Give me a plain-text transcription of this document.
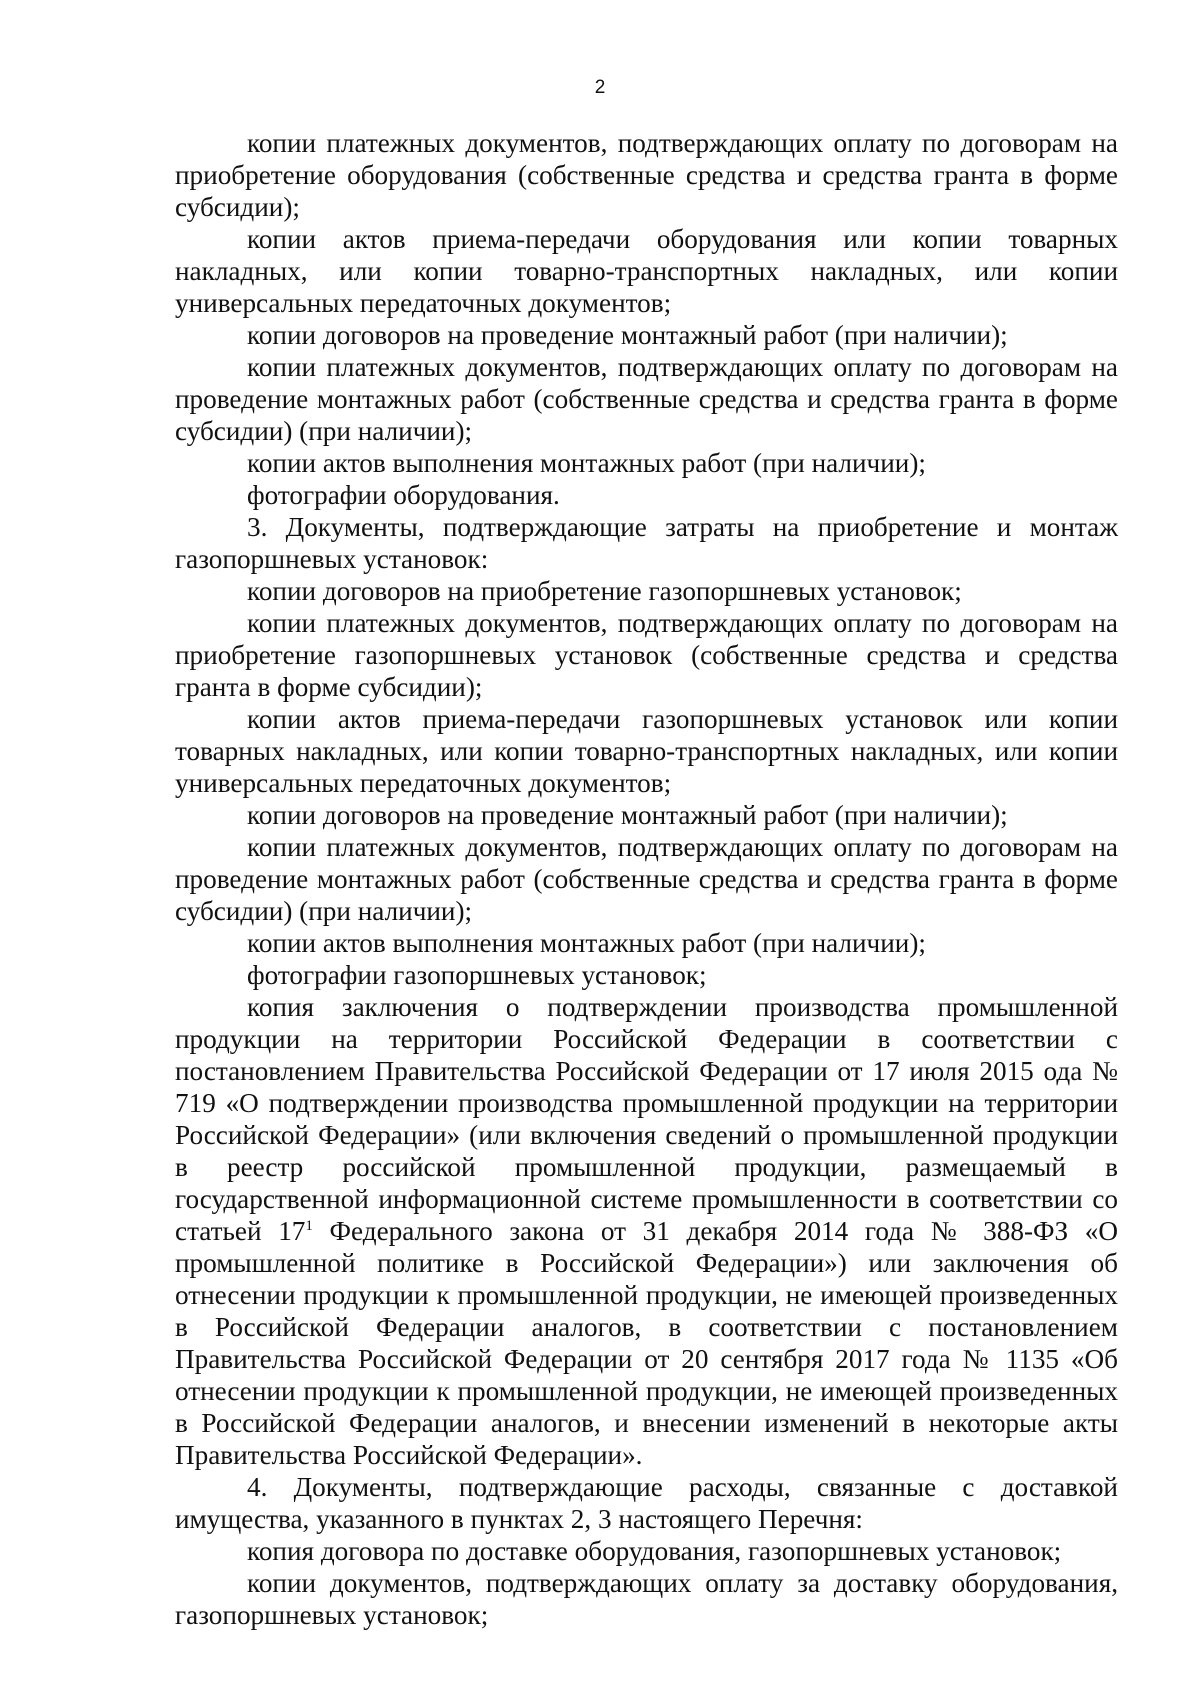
2

копии платежных документов, подтверждающих оплату по договорам на приобретение оборудования (собственные средства и средства гранта в форме субсидии);

копии актов приема-передачи оборудования или копии товарных накладных, или копии товарно-транспортных накладных, или копии универсальных передаточных документов;

копии договоров на проведение монтажный работ (при наличии);

копии платежных документов, подтверждающих оплату по договорам на проведение монтажных работ (собственные средства и средства гранта в форме субсидии) (при наличии);

копии актов выполнения монтажных работ (при наличии);

фотографии оборудования.

3. Документы, подтверждающие затраты на приобретение и монтаж газопоршневых установок:

копии договоров на приобретение газопоршневых установок;

копии платежных документов, подтверждающих оплату по договорам на приобретение газопоршневых установок (собственные средства и средства гранта в форме субсидии);

копии актов приема-передачи газопоршневых установок или копии товарных накладных, или копии товарно-транспортных накладных, или копии универсальных передаточных документов;

копии договоров на проведение монтажный работ (при наличии);

копии платежных документов, подтверждающих оплату по договорам на проведение монтажных работ (собственные средства и средства гранта в форме субсидии) (при наличии);

копии актов выполнения монтажных работ (при наличии);

фотографии газопоршневых установок;

копия заключения о подтверждении производства промышленной продукции на территории Российской Федерации в соответствии с постановлением Правительства Российской Федерации от 17 июля 2015 ода № 719 «О подтверждении производства промышленной продукции на территории Российской Федерации» (или включения сведений о промышленной продукции в реестр российской промышленной продукции, размещаемый в государственной информационной системе промышленности в соответствии со статьей $17^1$ Федерального закона от 31 декабря 2014 года № 388-ФЗ «О промышленной политике в Российской Федерации») или заключения об отнесении продукции к промышленной продукции, не имеющей произведенных в Российской Федерации аналогов, в соответствии с постановлением Правительства Российской Федерации от 20 сентября 2017 года № 1135 «Об отнесении продукции к промышленной продукции, не имеющей произведенных в Российской Федерации аналогов, и внесении изменений в некоторые акты Правительства Российской Федерации».

4. Документы, подтверждающие расходы, связанные с доставкой имущества, указанного в пунктах 2, 3 настоящего Перечня:

копия договора по доставке оборудования, газопоршневых установок;

копии документов, подтверждающих оплату за доставку оборудования, газопоршневых установок;
